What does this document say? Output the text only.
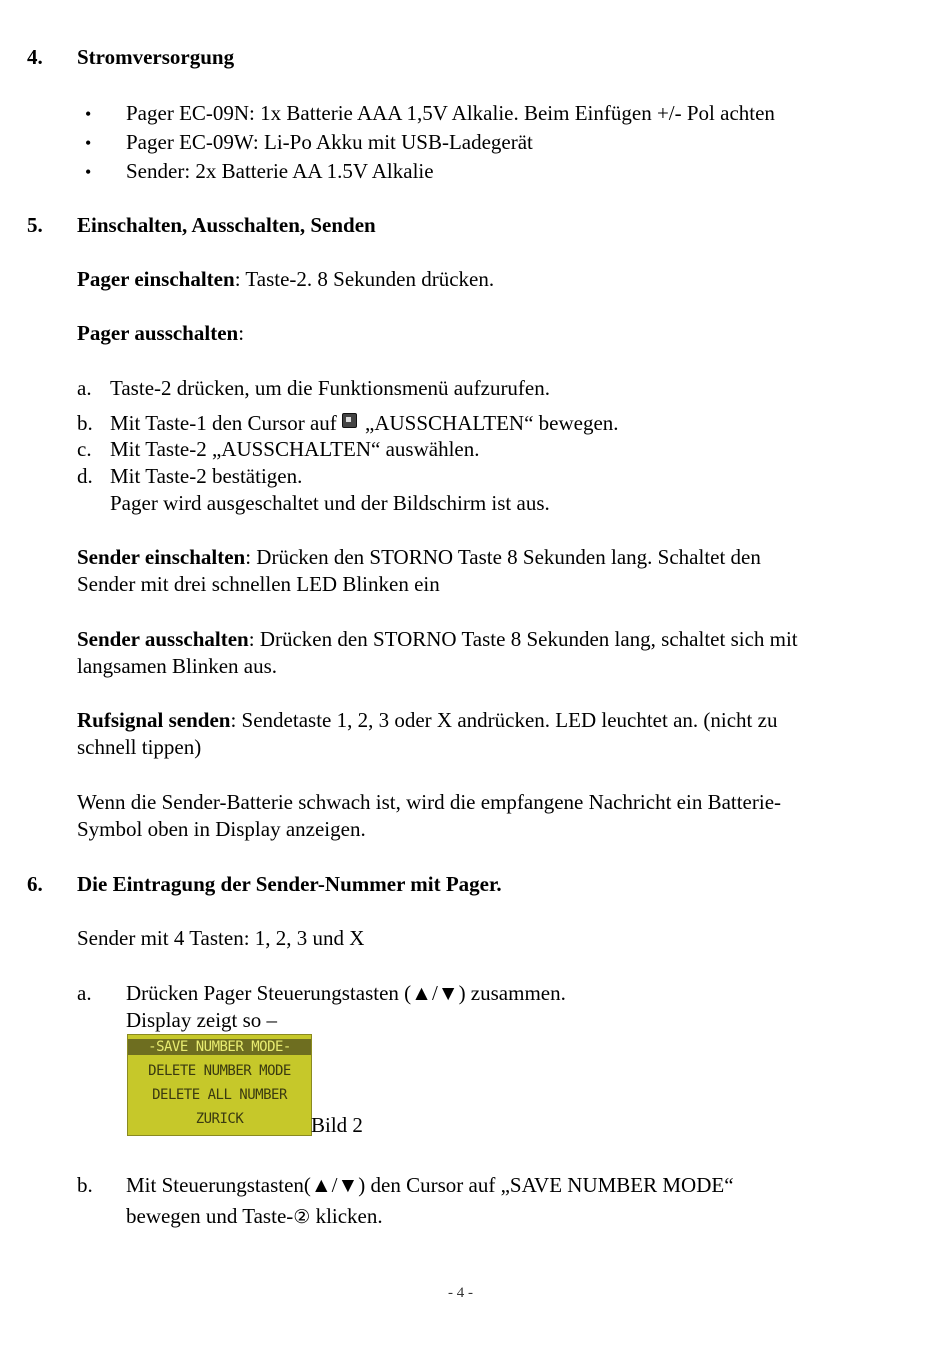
4. Stromversorgung
• Pager EC-09N: 1x Batterie AAA 1,5V Alkalie. Beim Einfügen +/- Pol achten
• Pager EC-09W: Li-Po Akku mit USB-Ladegerät
• Sender: 2x Batterie AA 1.5V Alkalie
5. Einschalten, Ausschalten, Senden
Pager einschalten: Taste-2. 8 Sekunden drücken.
Pager ausschalten:
a. Taste-2 drücken, um die Funktionsmenü aufzurufen.
b. Mit Taste-1 den Cursor auf „AUSSCHALTEN“ bewegen.
c. Mit Taste-2 „AUSSCHALTEN“ auswählen.
d. Mit Taste-2 bestätigen.
Pager wird ausgeschaltet und der Bildschirm ist aus.
Sender einschalten: Drücken den STORNO Taste 8 Sekunden lang. Schaltet den
Sender mit drei schnellen LED Blinken ein
Sender ausschalten: Drücken den STORNO Taste 8 Sekunden lang, schaltet sich mit
langsamen Blinken aus.
Rufsignal senden: Sendetaste 1, 2, 3 oder X andrücken. LED leuchtet an. (nicht zu
schnell tippen)
Wenn die Sender-Batterie schwach ist, wird die empfangene Nachricht ein Batterie-
Symbol oben in Display anzeigen.
6. Die Eintragung der Sender-Nummer mit Pager.
Sender mit 4 Tasten: 1, 2, 3 und X
a. Drücken Pager Steuerungstasten (▲/▼) zusammen.
Display zeigt so –
-SAVE NUMBER MODE-
DELETE NUMBER MODE
DELETE ALL NUMBER
ZURICK	Bild 2
b. Mit Steuerungstasten(▲/▼) den Cursor auf „SAVE NUMBER MODE“
bewegen und Taste-② klicken.
- 4 -
